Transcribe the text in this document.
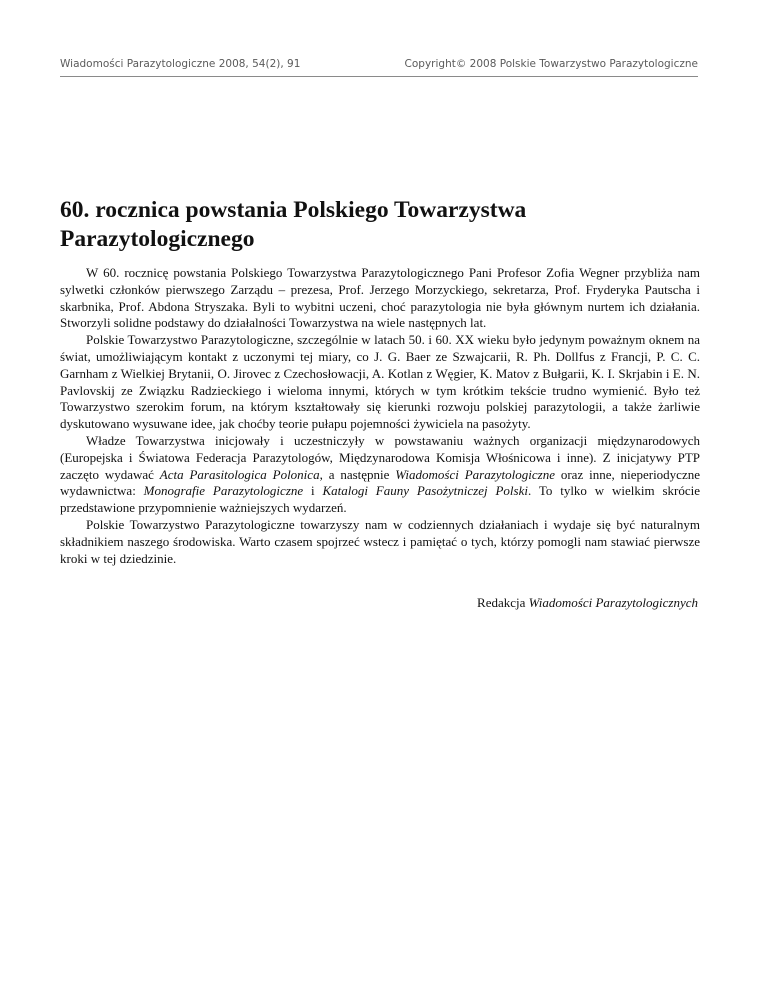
Wiadomości Parazytologiczne 2008, 54(2), 91	Copyright© 2008 Polskie Towarzystwo Parazytologiczne
60. rocznica powstania Polskiego Towarzystwa
Parazytologicznego

W 60. rocznicę powstania Polskiego Towarzystwa Parazytologicznego Pani Profesor Zofia Wegner przybliża nam sylwetki członków pierwszego Zarządu – prezesa, Prof. Jerzego Morzyckiego, sekretarza, Prof. Fryderyka Pautscha i skarbnika, Prof. Abdona Stryszaka. Byli to wybitni uczeni, choć parazytologia nie była głównym nurtem ich działania. Stworzyli solidne podstawy do działalności Towarzystwa na wiele następnych lat.

Polskie Towarzystwo Parazytologiczne, szczególnie w latach 50. i 60. XX wieku było jedynym poważnym oknem na świat, umożliwiającym kontakt z uczonymi tej miary, co J. G. Baer ze Szwajcarii, R. Ph. Dollfus z Francji, P. C. C. Garnham z Wielkiej Brytanii, O. Jirovec z Czechosłowacji, A. Kotlan z Węgier, K. Matov z Bułgarii, K. I. Skrjabin i E. N. Pavlovskij ze Związku Radzieckiego i wieloma innymi, których w tym krótkim tekście trudno wymienić. Było też Towarzystwo szerokim forum, na którym kształtowały się kierunki rozwoju polskiej parazytologii, a także żarliwie dyskutowano wysuwane idee, jak choćby teorie pułapu pojemności żywiciela na pasożyty.

Władze Towarzystwa inicjowały i uczestniczyły w powstawaniu ważnych organizacji międzynarodowych (Europejska i Światowa Federacja Parazytologów, Międzynarodowa Komisja Włośnicowa i inne). Z inicjatywy PTP zaczęto wydawać Acta Parasitologica Polonica, a następnie Wiadomości Parazytologiczne oraz inne, nieperiodyczne wydawnictwa: Monografie Parazytologiczne i Katalogi Fauny Pasożytniczej Polski. To tylko w wielkim skrócie przedstawione przypomnienie ważniejszych wydarzeń.

Polskie Towarzystwo Parazytologiczne towarzyszy nam w codziennych działaniach i wydaje się być naturalnym składnikiem naszego środowiska. Warto czasem spojrzeć wstecz i pamiętać o tych, którzy pomogli nam stawiać pierwsze kroki w tej dziedzinie.

Redakcja Wiadomości Parazytologicznych
